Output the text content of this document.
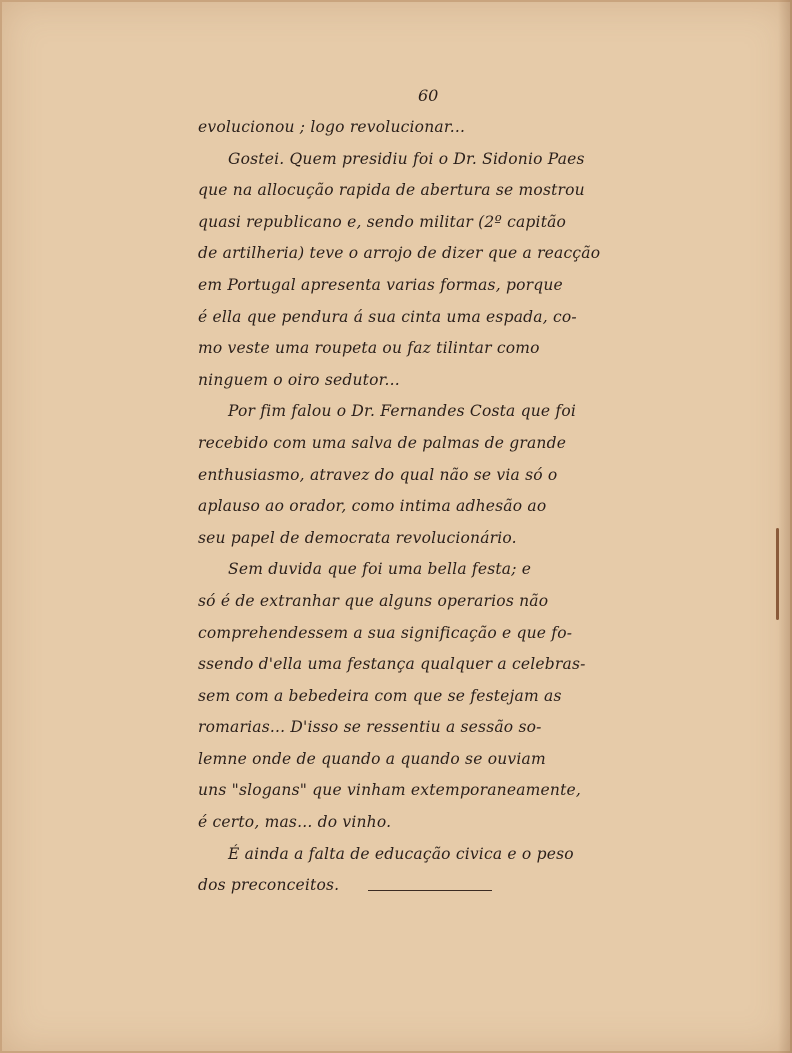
60
evolucionou ; logo revolucionar...
Gostei. Quem presidiu foi o Dr. Sidonio Paes
que na allocução rapida de abertura se mostrou
quasi republicano e, sendo militar (2º capitão
de artilheria) teve o arrojo de dizer que a reacção
em Portugal apresenta varias formas, porque
é ella que pendura á sua cinta uma espada, co-
mo veste uma roupeta ou faz tilintar como
ninguem o oiro sedutor...
Por fim falou o Dr. Fernandes Costa que foi
recebido com uma salva de palmas de grande
enthusiasmo, atravez do qual não se via só o
aplauso ao orador, como intima adhesão ao
seu papel de democrata revolucionário.
Sem duvida que foi uma bella festa; e
só é de extranhar que alguns operarios não
comprehendessem a sua significação e que fo-
ssendo d'ella uma festança qualquer a celebras-
sem com a bebedeira com que se festejam as
romarias... D'isso se ressentiu a sessão so-
lemne onde de quando a quando se ouviam
uns "slogans" que vinham extemporaneamente,
é certo, mas... do vinho.
É ainda a falta de educação civica e o peso
dos preconceitos.
